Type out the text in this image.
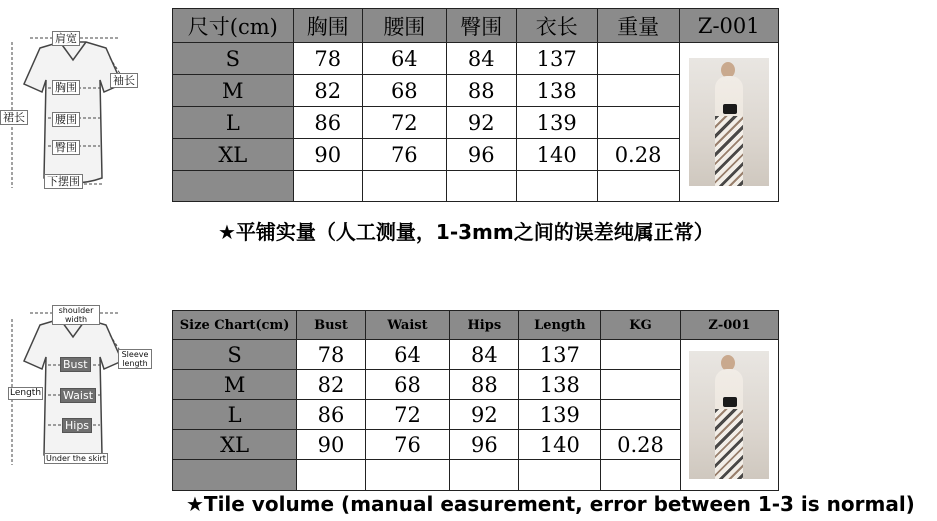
肩宽
袖长
胸围
裙长	腰围
臀围
下摆围
尺寸(cm)	胸围	腰围	臀围	衣长	重量	Z-001
S	78	64	84	137		

M	82	68	88	138		
L	86	72	92	139		
XL	90	76	96	140	0.28	

★平铺实量（人工测量，1-3mm之间的误差纯属正常）
shoulder width
Sleeve length
Bust
Length Waist
Hips
Under the skirt
Size Chart(cm)	Bust	Waist	Hips	Length	KG	Z-001
S	78	64	84	137		

M	82	68	88	138		
L	86	72	92	139		
XL	90	76	96	140	0.28	

★Tile volume (manual easurement, error between 1-3 is normal)
